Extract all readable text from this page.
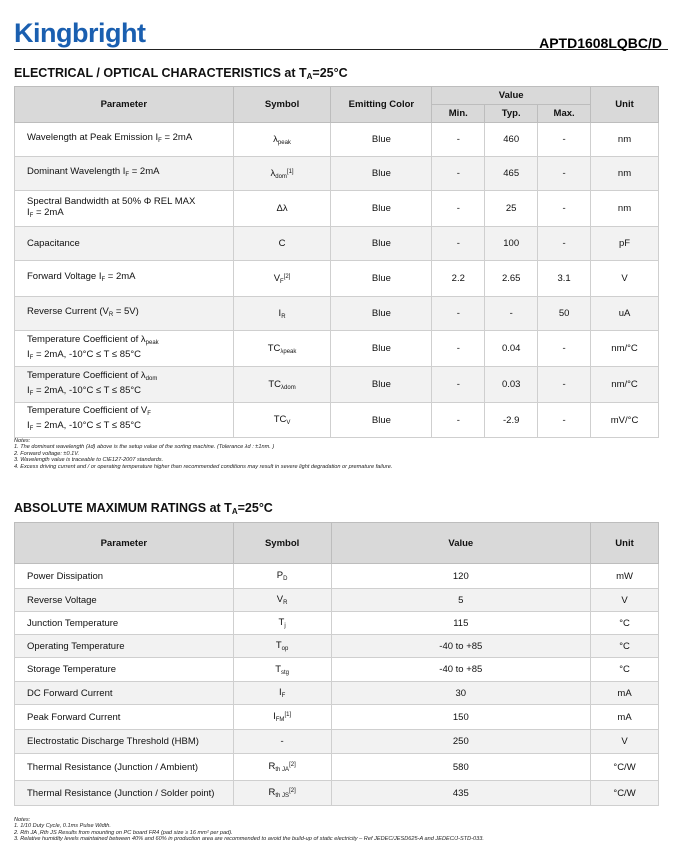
Kingbright	APTD1608LQBC/D
ELECTRICAL / OPTICAL CHARACTERISTICS at $T_A=25^\circ C$
Parameter	Symbol	Emitting Color	Value			Unit
			Min.	Typ.	Max.	

Wavelength at Peak Emission $I_F = 2mA$	$\lambda_{peak}$	Blue	-	460	-	nm

Dominant Wavelength $I_F = 2mA$	$\lambda_{dom}[1]$	Blue	-	465	-	nm

Spectral Bandwidth at 50% Φ REL MAX
$I_F = 2mA$	Δλ	Blue	-	25	-	nm

Capacitance	C	Blue	-	100	-	pF

Forward Voltage $I_F = 2mA$	$V_F[2]$	Blue	2.2	2.65	3.1	V

Reverse Current $(V_R = 5V)$	$I_R$	Blue	-	-	50	uA

Temperature Coefficient of $\lambda_{peak}$
$I_F = 2mA$, -10°C ≤ T ≤ 85°C	$TC_{\lambda peak}$	Blue	-	0.04	-	nm/°C

Temperature Coefficient of $\lambda_{dom}$
$I_F = 2mA$, -10°C ≤ T ≤ 85°C	$TC_{\lambda dom}$	Blue	-	0.03	-	nm/°C

Temperature Coefficient of $V_F$
$I_F = 2mA$, -10°C ≤ T ≤ 85°C	$TC_V$	Blue	-	-2.9	-	mV/°C
Notes:
1. The dominant wavelength (λd) above is the setup value of the sorting machine. (Tolerance λd : ±1nm. )
2. Forward voltage: ±0.1V.
3. Wavelength value is traceable to CIE127-2007 standards.
4. Excess driving current and / or operating temperature higher than recommended conditions may result in severe light degradation or premature failure.
ABSOLUTE MAXIMUM RATINGS at $T_A=25^\circ C$
Parameter	Symbol	Value	Unit
Power Dissipation	$P_D$	120	mW
Reverse Voltage	$V_R$	5	V
Junction Temperature	$T_j$	115	°C
Operating Temperature	$T_{op}$	-40 to +85	°C
Storage Temperature	$T_{stg}$	-40 to +85	°C
DC Forward Current	$I_F$	30	mA
Peak Forward Current	$I_{FM}[1]$	150	mA
Electrostatic Discharge Threshold (HBM)	-	250	V
Thermal Resistance (Junction / Ambient)	$R_{th JA}[2]$	580	°C/W
Thermal Resistance (Junction / Solder point)	$R_{th JS}[2]$	435	°C/W
Notes:
1. 1/10 Duty Cycle, 0.1ms Pulse Width.
2. Rth JA ,Rth JS Results from mounting on PC board FR4 (pad size ≥ 16 mm² per pad).
3. Relative humidity levels maintained between 40% and 60% in production area are recommended to avoid the build-up of static electricity – Ref JEDEC/JESD625-A and JEDEC/J-STD-033.
